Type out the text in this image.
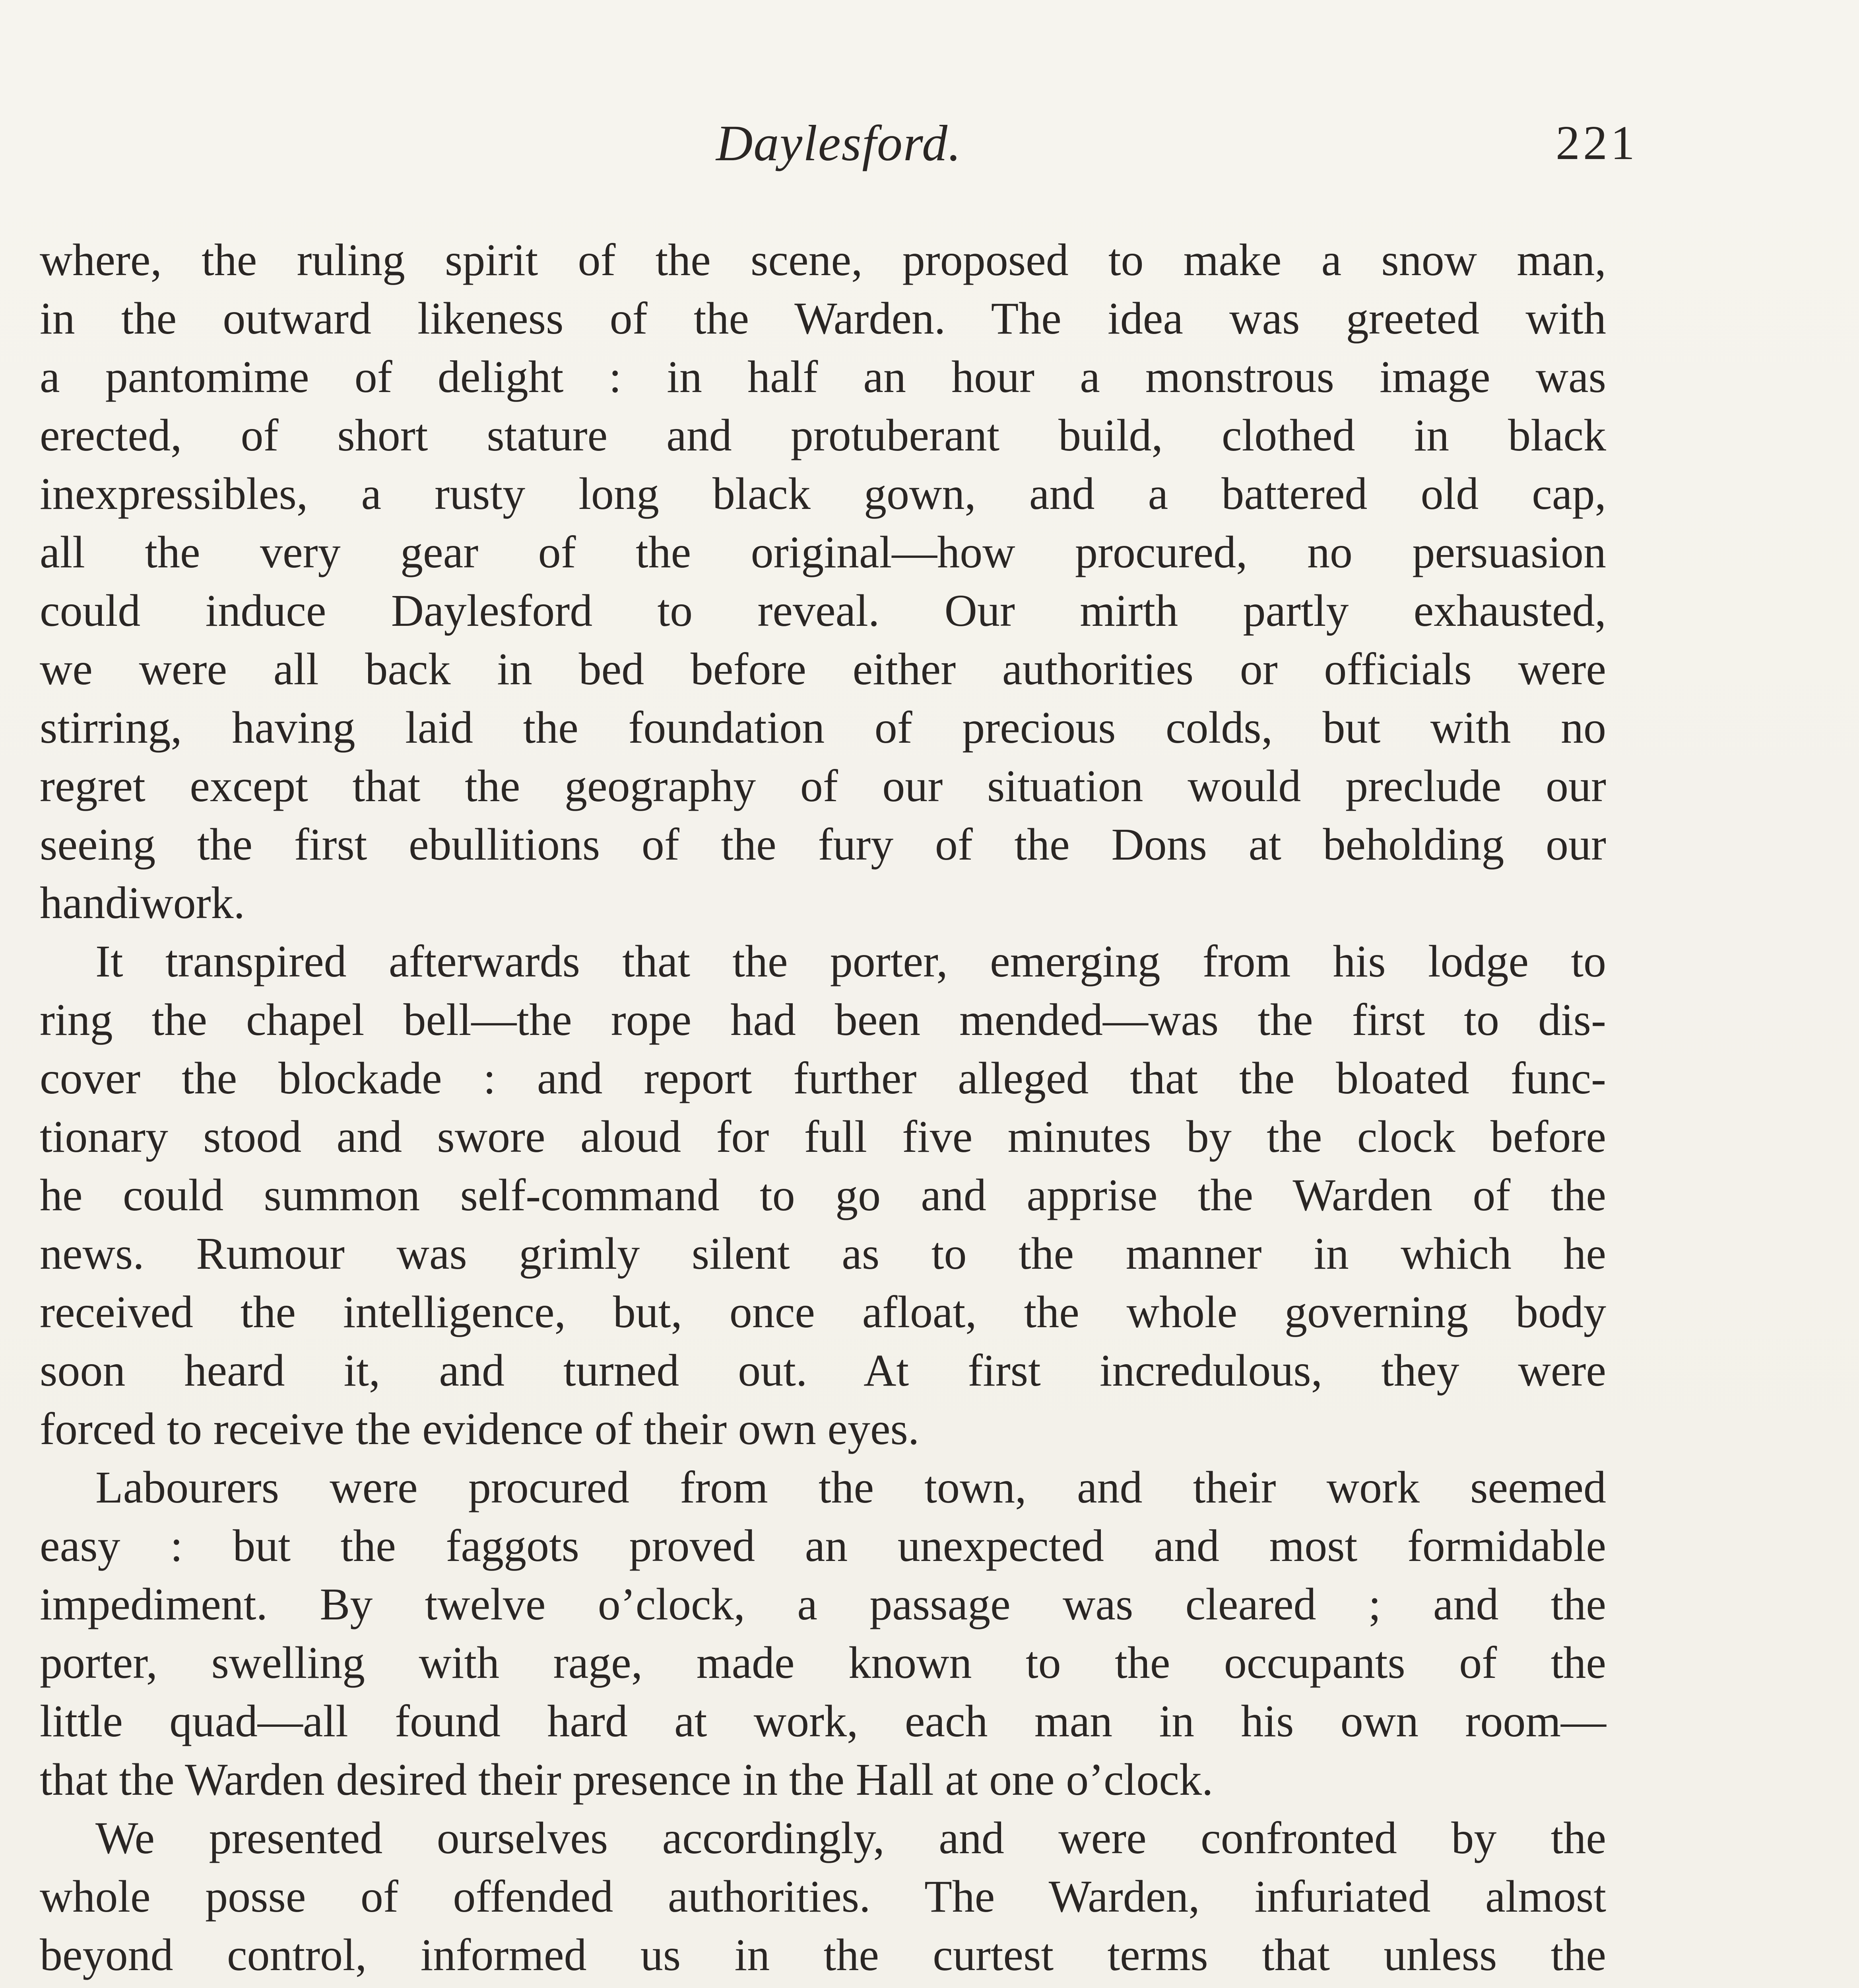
Daylesford.	221
where, the ruling spirit of the scene, proposed to make a snow man,
in the outward likeness of the Warden. The idea was greeted with
a pantomime of delight : in half an hour a monstrous image was
erected, of short stature and protuberant build, clothed in black
inexpressibles, a rusty long black gown, and a battered old cap,
all the very gear of the original—how procured, no persuasion
could induce Daylesford to reveal. Our mirth partly exhausted,
we were all back in bed before either authorities or officials were
stirring, having laid the foundation of precious colds, but with no
regret except that the geography of our situation would preclude our
seeing the first ebullitions of the fury of the Dons at beholding our
handiwork.
It transpired afterwards that the porter, emerging from his lodge to
ring the chapel bell—the rope had been mended—was the first to dis-
cover the blockade : and report further alleged that the bloated func-
tionary stood and swore aloud for full five minutes by the clock before
he could summon self-command to go and apprise the Warden of the
news. Rumour was grimly silent as to the manner in which he
received the intelligence, but, once afloat, the whole governing body
soon heard it, and turned out. At first incredulous, they were
forced to receive the evidence of their own eyes.
Labourers were procured from the town, and their work seemed
easy : but the faggots proved an unexpected and most formidable
impediment. By twelve o’clock, a passage was cleared ; and the
porter, swelling with rage, made known to the occupants of the
little quad—all found hard at work, each man in his own room—
that the Warden desired their presence in the Hall at one o’clock.
We presented ourselves accordingly, and were confronted by the
whole posse of offended authorities. The Warden, infuriated almost
beyond control, informed us in the curtest terms that unless the
